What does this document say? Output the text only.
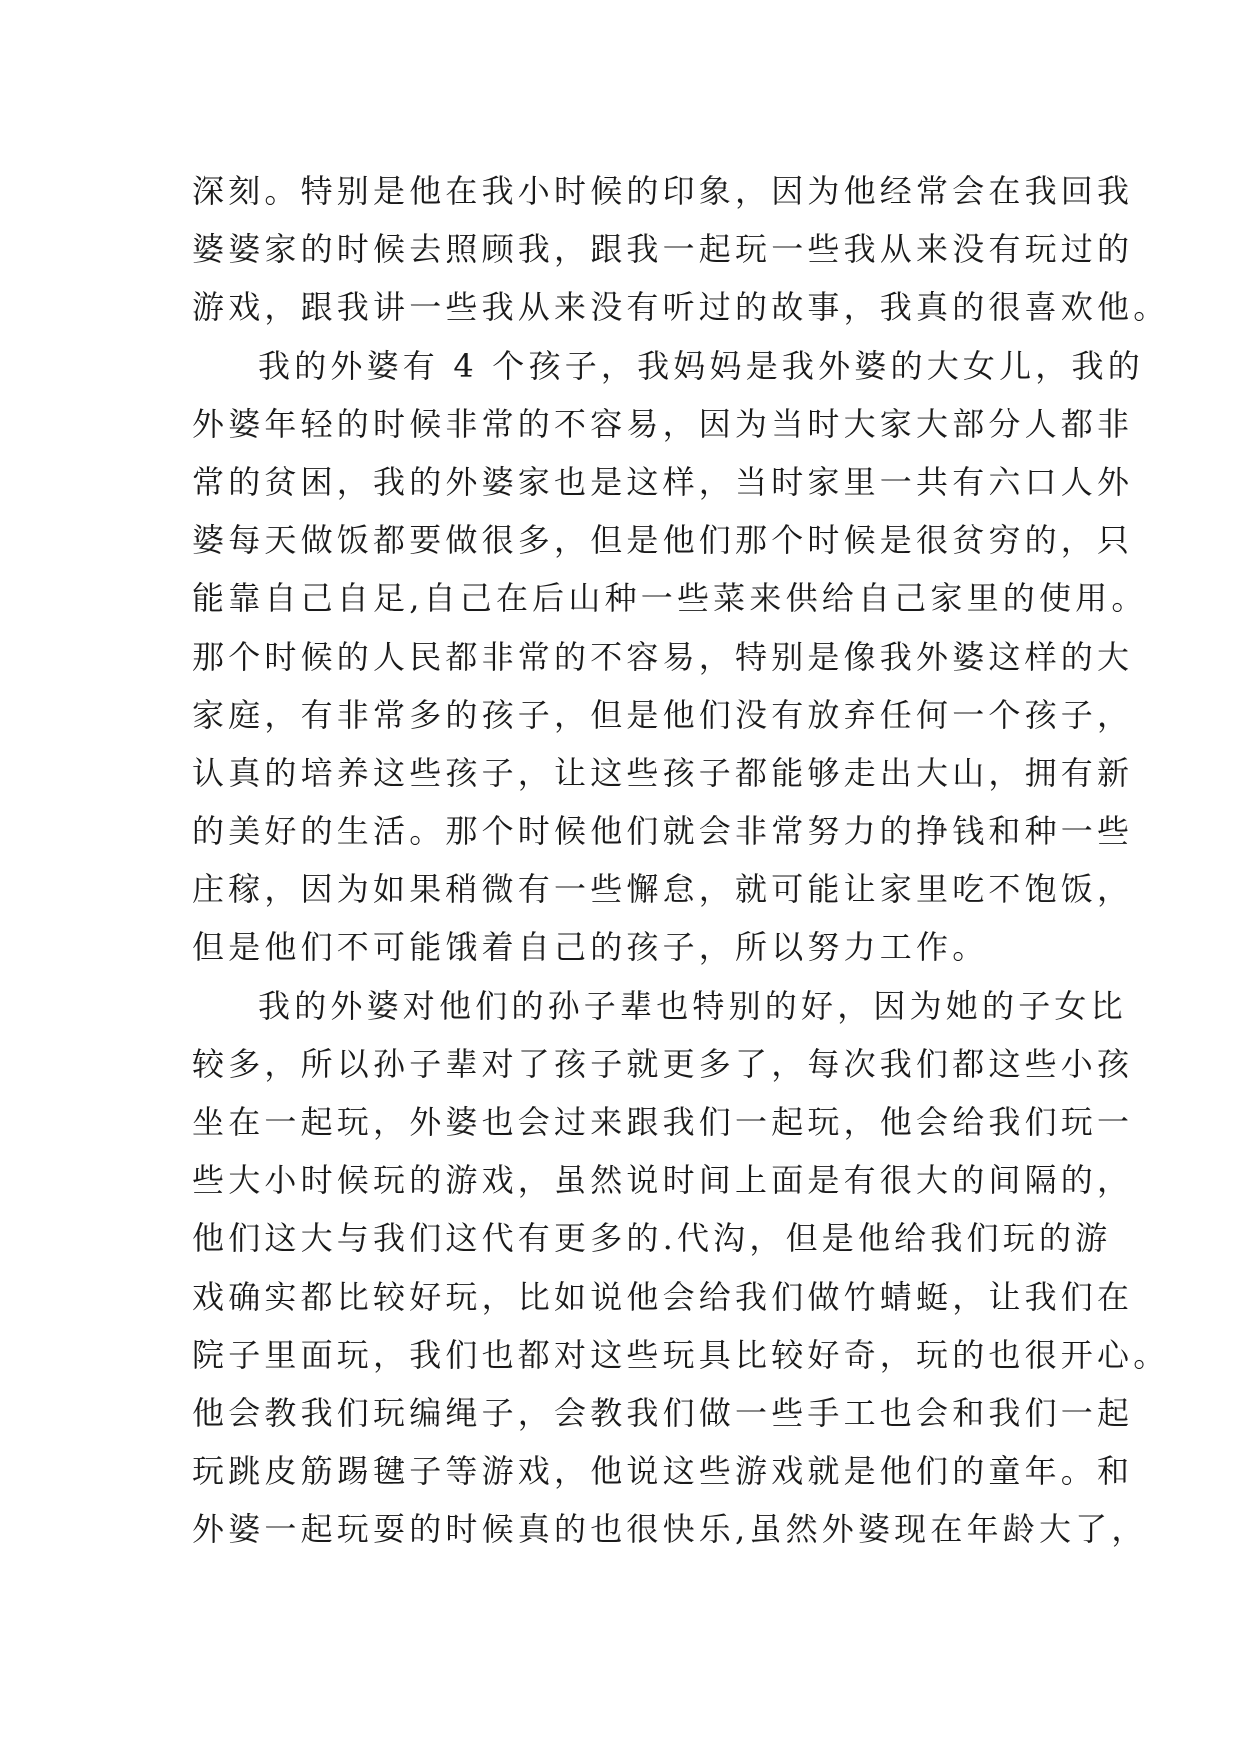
深刻。特别是他在我小时候的印象，因为他经常会在我回我
婆婆家的时候去照顾我，跟我一起玩一些我从来没有玩过的
游戏，跟我讲一些我从来没有听过的故事，我真的很喜欢他。
我的外婆有 4 个孩子，我妈妈是我外婆的大女儿，我的
外婆年轻的时候非常的不容易，因为当时大家大部分人都非
常的贫困，我的外婆家也是这样，当时家里一共有六口人外
婆每天做饭都要做很多，但是他们那个时候是很贫穷的，只
能靠自己自足,自己在后山种一些菜来供给自己家里的使用。
那个时候的人民都非常的不容易，特别是像我外婆这样的大
家庭，有非常多的孩子，但是他们没有放弃任何一个孩子，
认真的培养这些孩子，让这些孩子都能够走出大山，拥有新
的美好的生活。那个时候他们就会非常努力的挣钱和种一些
庄稼，因为如果稍微有一些懈怠，就可能让家里吃不饱饭，
但是他们不可能饿着自己的孩子，所以努力工作。
我的外婆对他们的孙子辈也特别的好，因为她的子女比
较多，所以孙子辈对了孩子就更多了，每次我们都这些小孩
坐在一起玩，外婆也会过来跟我们一起玩，他会给我们玩一
些大小时候玩的游戏，虽然说时间上面是有很大的间隔的，
他们这大与我们这代有更多的.代沟，但是他给我们玩的游
戏确实都比较好玩，比如说他会给我们做竹蜻蜓，让我们在
院子里面玩，我们也都对这些玩具比较好奇，玩的也很开心。
他会教我们玩编绳子，会教我们做一些手工也会和我们一起
玩跳皮筋踢毽子等游戏，他说这些游戏就是他们的童年。和
外婆一起玩耍的时候真的也很快乐,虽然外婆现在年龄大了，
